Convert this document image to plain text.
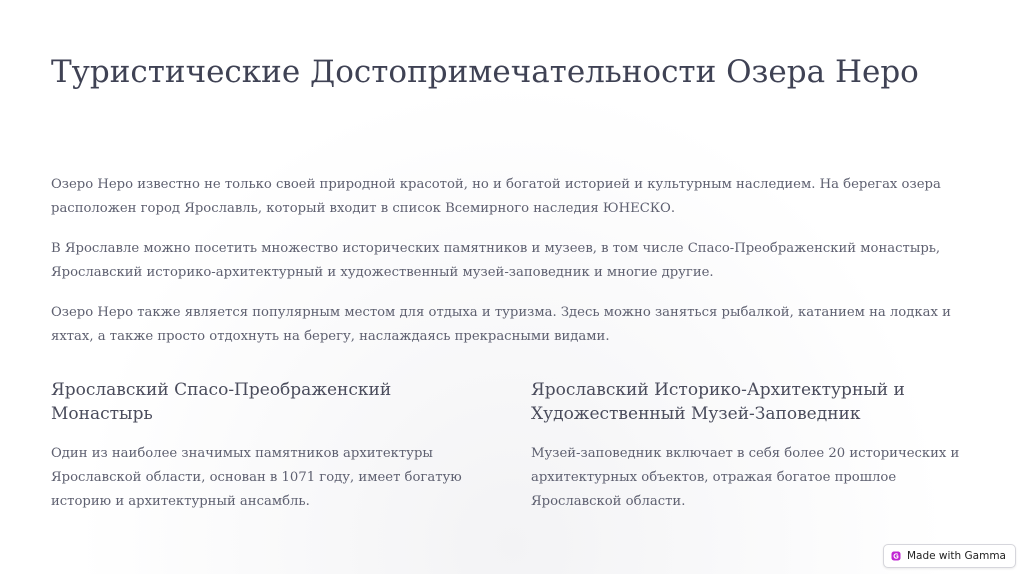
Туристические Достопримечательности Озера Неро

Озеро Неро известно не только своей природной красотой, но и богатой историей и культурным наследием. На берегах озера расположен город Ярославль, который входит в список Всемирного наследия ЮНЕСКО.

В Ярославле можно посетить множество исторических памятников и музеев, в том числе Спасо-Преображенский монастырь, Ярославский историко-архитектурный и художественный музей-заповедник и многие другие.

Озеро Неро также является популярным местом для отдыха и туризма. Здесь можно заняться рыбалкой, катанием на лодках и яхтах, а также просто отдохнуть на берегу, наслаждаясь прекрасными видами.

Ярославский Спасо-Преображенский Монастырь

Один из наиболее значимых памятников архитектуры Ярославской области, основан в 1071 году, имеет богатую историю и архитектурный ансамбль.

Ярославский Историко-Архитектурный и Художественный Музей-Заповедник

Музей-заповедник включает в себя более 20 исторических и архитектурных объектов, отражая богатое прошлое Ярославской области.

Made with Gamma
